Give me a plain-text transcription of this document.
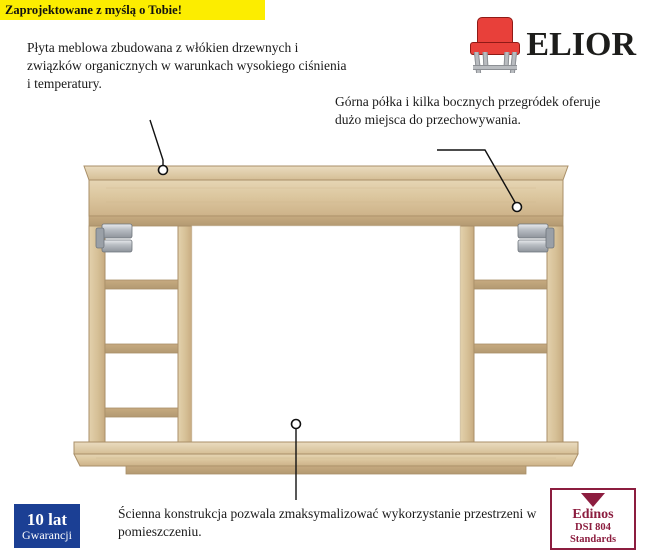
Zaprojektowane z myślą o Tobie!
ELIOR
Płyta meblowa zbudowana z włókien drzewnych i związków organicznych w warunkach wysokiego ciśnienia i temperatury.
Górna półka i kilka bocznych przegródek oferuje dużo miejsca do przechowywania.
Ścienna konstrukcja pozwala zmaksymalizować wykorzystanie przestrzeni w pomieszczeniu.
10 lat
Gwarancji
Edinos
DSI 804
Standards
